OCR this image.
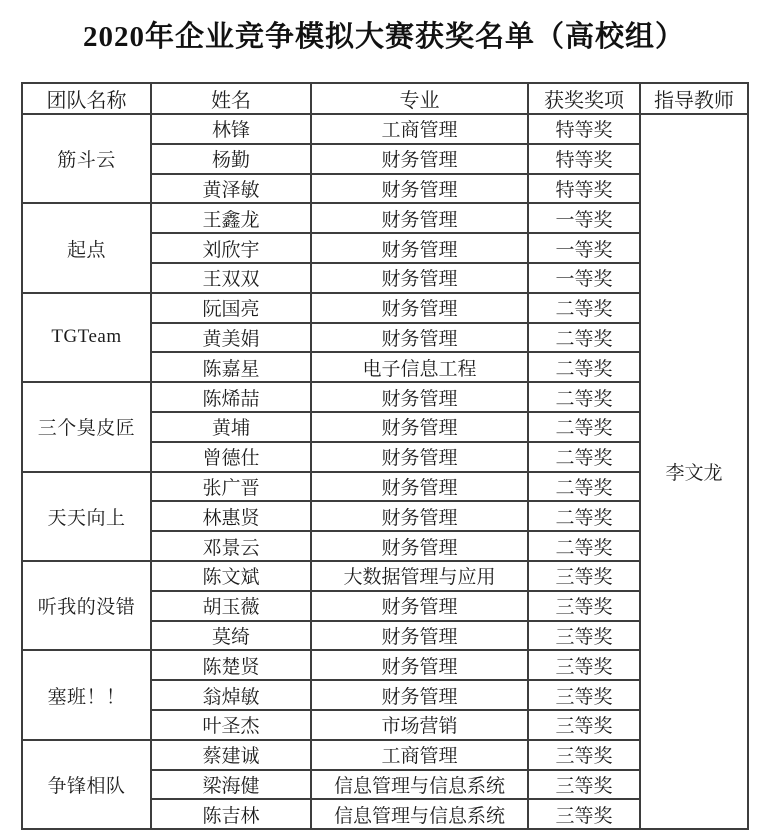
2020年企业竞争模拟大赛获奖名单（高校组）
团队名称	姓名	专业	获奖奖项	指导教师
筋斗云	林锋	工商管理	特等奖	李文龙
	杨勤	财务管理	特等奖	
	黄泽敏	财务管理	特等奖	
起点	王鑫龙	财务管理	一等奖	
	刘欣宇	财务管理	一等奖	
	王双双	财务管理	一等奖	
TGTeam	阮国亮	财务管理	二等奖	
	黄美娟	财务管理	二等奖	
	陈嘉星	电子信息工程	二等奖	
三个臭皮匠	陈烯喆	财务管理	二等奖	
	黄埔	财务管理	二等奖	
	曾德仕	财务管理	二等奖	
天天向上	张广晋	财务管理	二等奖	
	林惠贤	财务管理	二等奖	
	邓景云	财务管理	二等奖	
听我的没错	陈文斌	大数据管理与应用	三等奖	
	胡玉薇	财务管理	三等奖	
	莫绮	财务管理	三等奖	
塞班！！	陈楚贤	财务管理	三等奖	
	翁焯敏	财务管理	三等奖	
	叶圣杰	市场营销	三等奖	
争锋相队	蔡建诚	工商管理	三等奖	
	梁海健	信息管理与信息系统	三等奖	
	陈吉林	信息管理与信息系统	三等奖	
